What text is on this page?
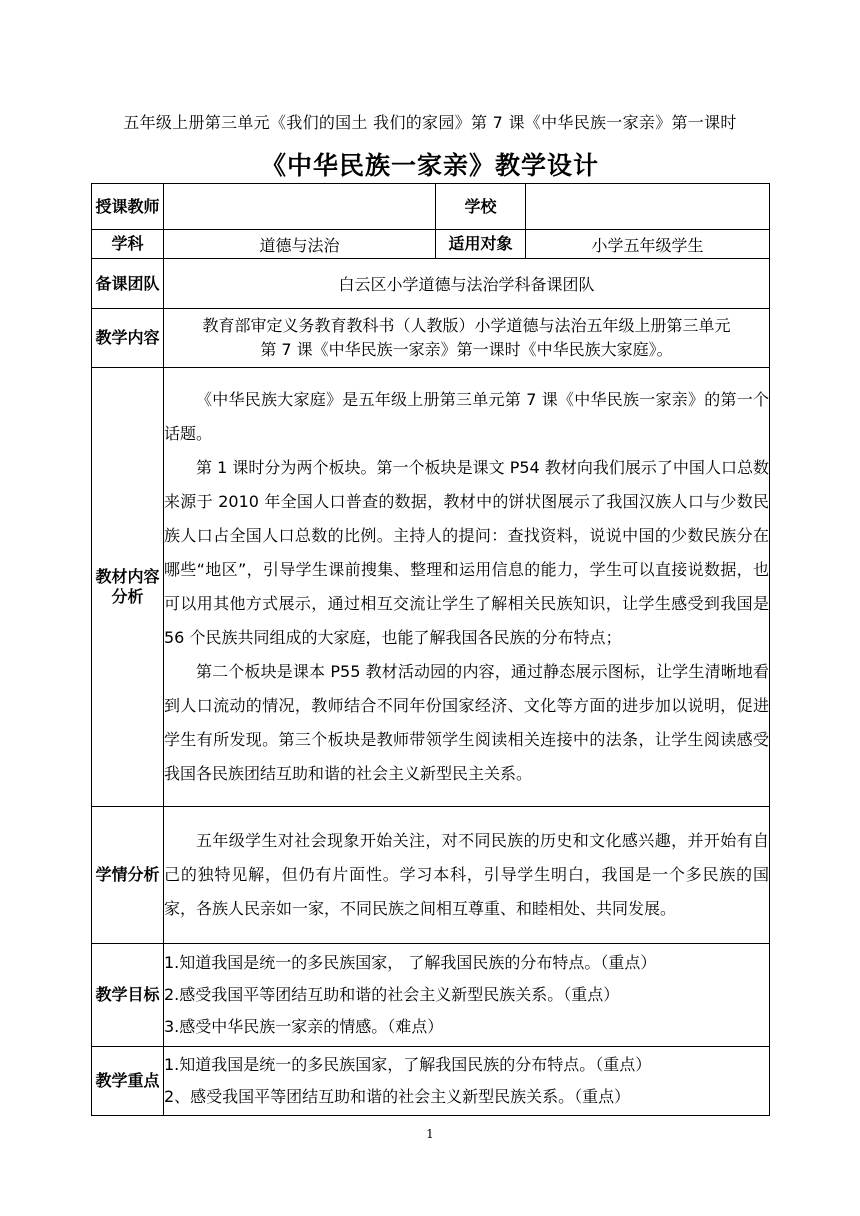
五年级上册第三单元《我们的国土 我们的家园》第 7 课《中华民族一家亲》第一课时
《中华民族一家亲》教学设计
授课教师		学校	
学科	道德与法治	适用对象	小学五年级学生
备课团队	白云区小学道德与法治学科备课团队		
教学内容	教育部审定义务教育教科书（人教版）小学道德与法治五年级上册第三单元
第 7 课《中华民族一家亲》第一课时《中华民族大家庭》。		

教材内容分析	《中华民族大家庭》是五年级上册第三单元第 7 课《中华民族一家亲》的第一个话题。

第 1 课时分为两个板块。第一个板块是课文 P54 教材向我们展示了中国人口总数来源于 2010 年全国人口普查的数据，教材中的饼状图展示了我国汉族人口与少数民族人口占全国人口总数的比例。主持人的提问：查找资料，说说中国的少数民族分在哪些“地区”，引导学生课前搜集、整理和运用信息的能力，学生可以直接说数据，也可以用其他方式展示，通过相互交流让学生了解相关民族知识，让学生感受到我国是 56 个民族共同组成的大家庭，也能了解我国各民族的分布特点；

第二个板块是课本 P55 教材活动园的内容，通过静态展示图标，让学生清晰地看到人口流动的情况，教师结合不同年份国家经济、文化等方面的进步加以说明，促进学生有所发现。第三个板块是教师带领学生阅读相关连接中的法条，让学生阅读感受我国各民族团结互助和谐的社会主义新型民主关系。		

学情分析	五年级学生对社会现象开始关注，对不同民族的历史和文化感兴趣，并开始有自己的独特见解，但仍有片面性。学习本科，引导学生明白，我国是一个多民族的国家，各族人民亲如一家，不同民族之间相互尊重、和睦相处、共同发展。		

教学目标	1.知道我国是统一的多民族国家， 了解我国民族的分布特点。（重点）
2.感受我国平等团结互助和谐的社会主义新型民族关系。（重点）
3.感受中华民族一家亲的情感。（难点）		

教学重点	1.知道我国是统一的多民族国家，了解我国民族的分布特点。（重点）
2、感受我国平等团结互助和谐的社会主义新型民族关系。（重点）		
1
